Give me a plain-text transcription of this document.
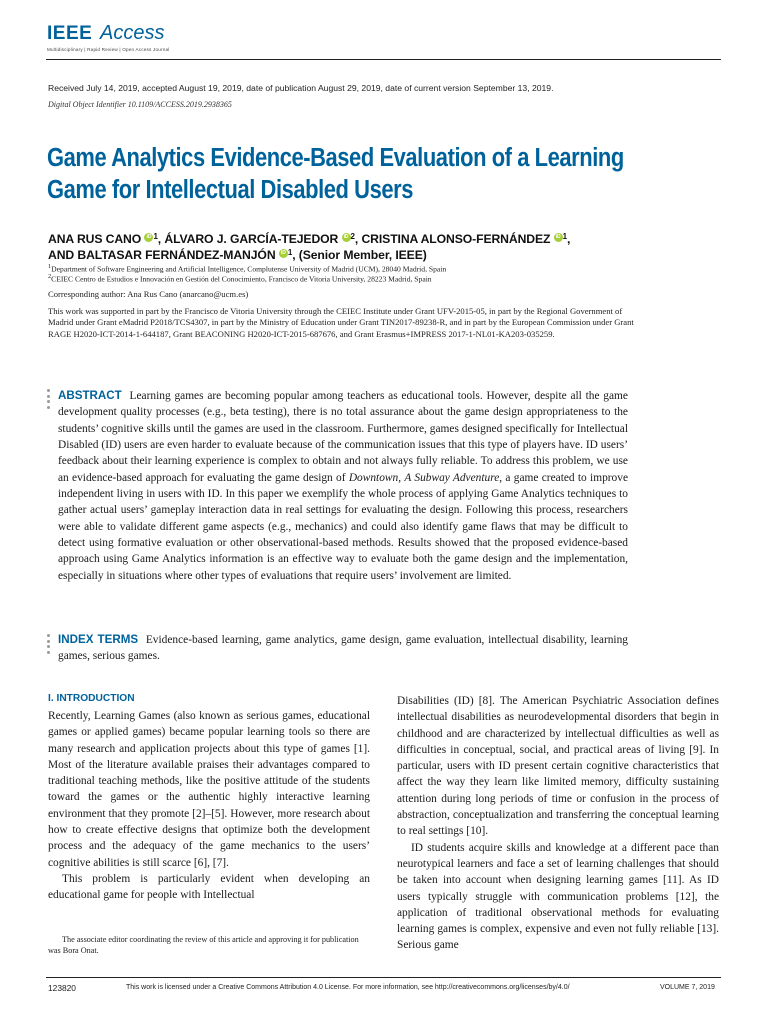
IEEE Access
Multidisciplinary | Rapid Review | Open Access Journal
Received July 14, 2019, accepted August 19, 2019, date of publication August 29, 2019, date of current version September 13, 2019.
Digital Object Identifier 10.1109/ACCESS.2019.2938365
Game Analytics Evidence-Based Evaluation of a Learning Game for Intellectual Disabled Users
ANA RUS CANO iD $^1$, ÁLVARO J. GARCÍA-TEJEDOR iD $^2$, CRISTINA ALONSO-FERNÁNDEZ iD $^1$,
AND BALTASAR FERNÁNDEZ-MANJÓN iD $^1$, (Senior Member, IEEE)
$^1$Department of Software Engineering and Artificial Intelligence, Complutense University of Madrid (UCM), 28040 Madrid, Spain
$^2$CEIEC Centro de Estudios e Innovación en Gestión del Conocimiento, Francisco de Vitoria University, 28223 Madrid, Spain
Corresponding author: Ana Rus Cano (anarcano@ucm.es)
This work was supported in part by the Francisco de Vitoria University through the CEIEC Institute under Grant UFV-2015-05, in part by the Regional Government of Madrid under Grant eMadrid P2018/TCS4307, in part by the Ministry of Education under Grant TIN2017-89238-R, and in part by the European Commission under Grant RAGE H2020-ICT-2014-1-644187, Grant BEACONING H2020-ICT-2015-687676, and Grant Erasmus+IMPRESS 2017-1-NL01-KA203-035259.
ABSTRACT Learning games are becoming popular among teachers as educational tools. However, despite all the game development quality processes (e.g., beta testing), there is no total assurance about the game design appropriateness to the students’ cognitive skills until the games are used in the classroom. Furthermore, games designed specifically for Intellectual Disabled (ID) users are even harder to evaluate because of the communication issues that this type of players have. ID users’ feedback about their learning experience is complex to obtain and not always fully reliable. To address this problem, we use an evidence-based approach for evaluating the game design of Downtown, A Subway Adventure, a game created to improve independent living in users with ID. In this paper we exemplify the whole process of applying Game Analytics techniques to gather actual users’ gameplay interaction data in real settings for evaluating the design. Following this process, researchers were able to validate different game aspects (e.g., mechanics) and could also identify game flaws that may be difficult to detect using formative evaluation or other observational-based methods. Results showed that the proposed evidence-based approach using Game Analytics information is an effective way to evaluate both the game design and the implementation, especially in situations where other types of evaluations that require users’ involvement are limited.
INDEX TERMS Evidence-based learning, game analytics, game design, game evaluation, intellectual disability, learning games, serious games.
I. INTRODUCTION
Recently, Learning Games (also known as serious games, educational games or applied games) became popular learning tools so there are many research and application projects about this type of games [1]. Most of the literature available praises their advantages compared to traditional teaching methods, like the positive attitude of the students toward the games or the authentic highly interactive learning environment that they promote [2]–[5]. However, more research about how to create effective designs that optimize both the development process and the adequacy of the game mechanics to the users’ cognitive abilities is still scarce [6], [7].
This problem is particularly evident when developing an educational game for people with Intellectual
Disabilities (ID) [8]. The American Psychiatric Association defines intellectual disabilities as neurodevelopmental disorders that begin in childhood and are characterized by intellectual difficulties as well as difficulties in conceptual, social, and practical areas of living [9]. In particular, users with ID present certain cognitive characteristics that affect the way they learn like limited memory, difficulty sustaining attention during long periods of time or confusion in the process of abstraction, conceptualization and transferring the conceptual learning to real settings [10].
ID students acquire skills and knowledge at a different pace than neurotypical learners and face a set of learning challenges that should be taken into account when designing learning games [11]. As ID users typically struggle with communication problems [12], the application of traditional observational methods for evaluating learning games is complex, expensive and even not fully reliable [13]. Serious game
The associate editor coordinating the review of this article and approving it for publication was Bora Onat.
123820	This work is licensed under a Creative Commons Attribution 4.0 License. For more information, see http://creativecommons.org/licenses/by/4.0/	VOLUME 7, 2019
